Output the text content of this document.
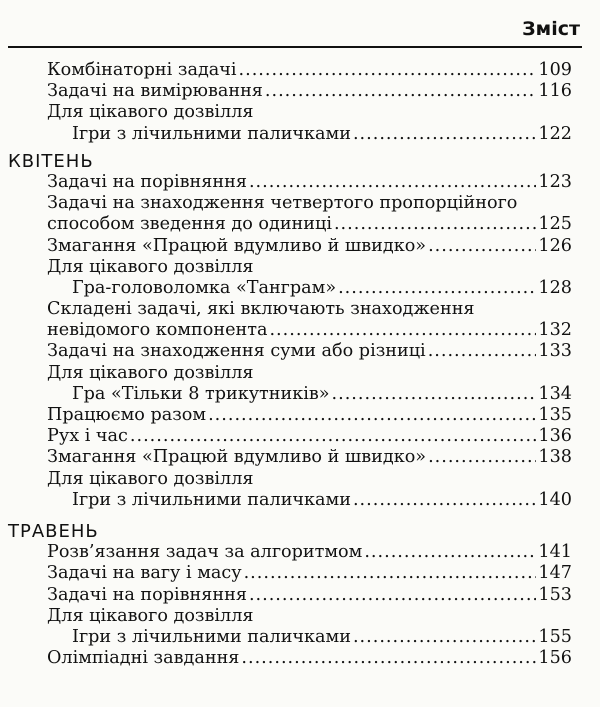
Зміст
Комбінаторні задачі .....	109
Задачі на вимірювання .....	116
Для цікавого дозвілля
Ігри з лічильними паличками .....	122
КВІТЕНЬ
Задачі на порівняння .....	123
Задачі на знаходження четвертого пропорційного
способом зведення до одиниці .....	125
Змагання «Працюй вдумливо й швидко» .....	126
Для цікавого дозвілля
Гра-головоломка «Танграм» .....	128
Складені задачі, які включають знаходження
невідомого компонента .....	132
Задачі на знаходження суми або різниці .....	133
Для цікавого дозвілля
Гра «Тільки 8 трикутників» .....	134
Працюємо разом .....	135
Рух і час .....	136
Змагання «Працюй вдумливо й швидко» .....	138
Для цікавого дозвілля
Ігри з лічильними паличками .....	140
ТРАВЕНЬ
Розв’язання задач за алгоритмом .....	141
Задачі на вагу і масу .....	147
Задачі на порівняння .....	153
Для цікавого дозвілля
Ігри з лічильними паличками .....	155
Олімпіадні завдання .....	156
